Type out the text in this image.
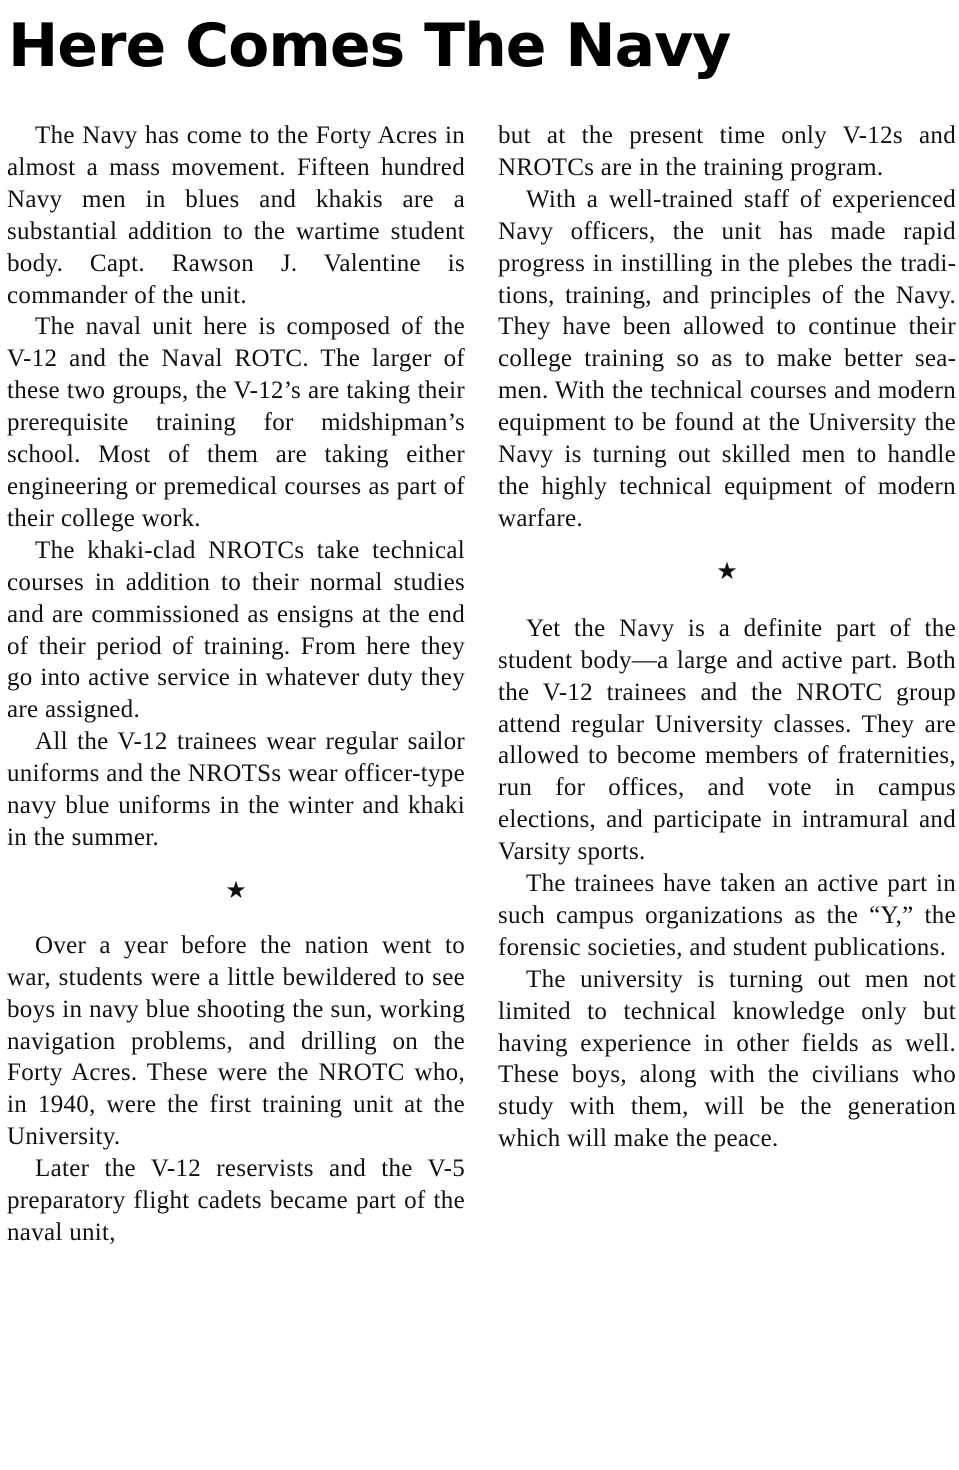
Here Comes The Navy

The Navy has come to the Forty Acres in almost a mass movement. Fifteen hundred Navy men in blues and khakis are a substantial addition to the wartime student body. Capt. Rawson J. Valentine is commander of the unit.

The naval unit here is composed of the V-12 and the Naval ROTC. The larger of these two groups, the V-12’s are taking their prerequisite training for midshipman’s school. Most of them are taking either engineering or premedical courses as part of their college work.

The khaki-clad NROTCs take technical courses in addition to their normal studies and are commissioned as ensigns at the end of their period of training. From here they go into active service in whatever duty they are assigned.

All the V-12 trainees wear regular sailor uniforms and the NROTSs wear officer-type navy blue uniforms in the winter and khaki in the summer.

★

Over a year before the nation went to war, students were a little bewildered to see boys in navy blue shooting the sun, working navigation problems, and drilling on the Forty Acres. These were the NROTC who, in 1940, were the first training unit at the University.

Later the V-12 reservists and the V-5 preparatory flight cadets became part of the naval unit,

but at the present time only V-12s and NROTCs are in the training program.

With a well-trained staff of experienced Navy officers, the unit has made rapid progress in instilling in the plebes the traditions, training, and principles of the Navy. They have been allowed to continue their college training so as to make better seamen. With the technical courses and modern equipment to be found at the University the Navy is turning out skilled men to handle the highly technical equipment of modern warfare.

★

Yet the Navy is a definite part of the student body—a large and active part. Both the V-12 trainees and the NROTC group attend regular University classes. They are allowed to become members of fraternities, run for offices, and vote in campus elections, and participate in intramural and Varsity sports.

The trainees have taken an active part in such campus organizations as the “Y,” the forensic societies, and student publications.

The university is turning out men not limited to technical knowledge only but having experience in other fields as well. These boys, along with the civilians who study with them, will be the generation which will make the peace.
